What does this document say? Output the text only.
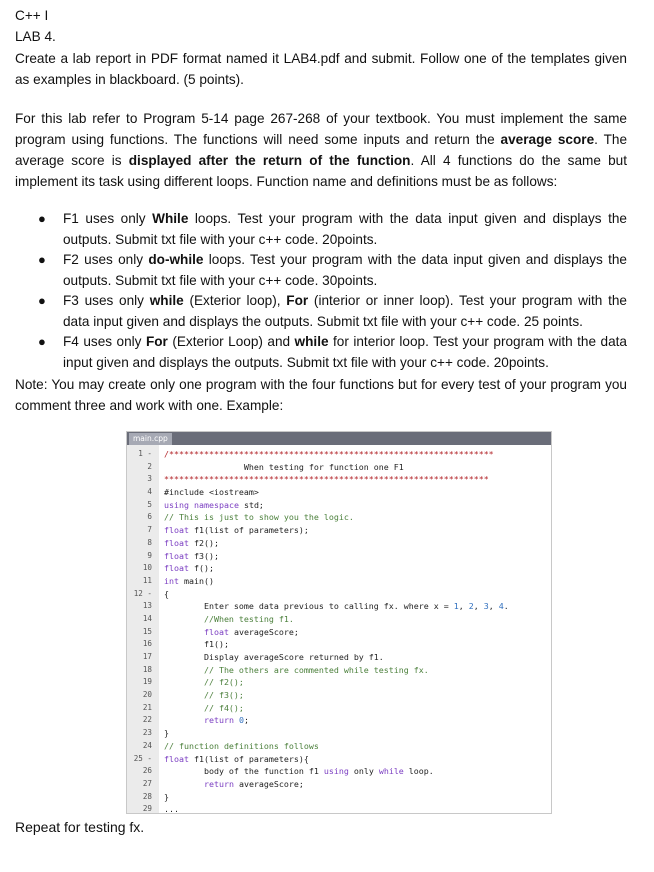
C++ I
LAB 4.
Create a lab report in PDF format named it LAB4.pdf and submit. Follow one of the templates given as examples in blackboard. (5 points).
For this lab refer to Program 5-14 page 267-268 of your textbook. You must implement the same program using functions. The functions will need some inputs and return the average score. The average score is displayed after the return of the function. All 4 functions do the same but implement its task using different loops. Function name and definitions must be as follows:
● F1 uses only While loops. Test your program with the data input given and displays the outputs. Submit txt file with your c++ code. 20points.
● F2 uses only do-while loops. Test your program with the data input given and displays the outputs. Submit txt file with your c++ code. 30points.
● F3 uses only while (Exterior loop), For (interior or inner loop). Test your program with the data input given and displays the outputs. Submit txt file with your c++ code. 25 points.
● F4 uses only For (Exterior Loop) and while for interior loop. Test your program with the data input given and displays the outputs. Submit txt file with your c++ code. 20points.
Note: You may create only one program with the four functions but for every test of your program you comment three and work with one. Example:
main.cpp
1 - /*****************************************************************
2 When testing for function one F1
3 *****************************************************************
4 #include <iostream>
5 using namespace std;
6 // This is just to show you the logic.
7 float f1(list of parameters);
8 float f2();
9 float f3();
10 float f();
11 int main()
12 - {
13 Enter some data previous to calling fx. where x = 1, 2, 3, 4.
14 //When testing f1.
15	float averageScore;
16 f1();
17 Display averageScore returned by f1.
18 // The others are commented while testing fx.
19 // f2();
20 // f3();
21 // f4();
22	return 0;
23 }
24 // function definitions follows
25 - float f1(list of parameters){
26 body of the function f1 using only while loop.
27	return averageScore;
28 }
29 ...
Repeat for testing fx.
